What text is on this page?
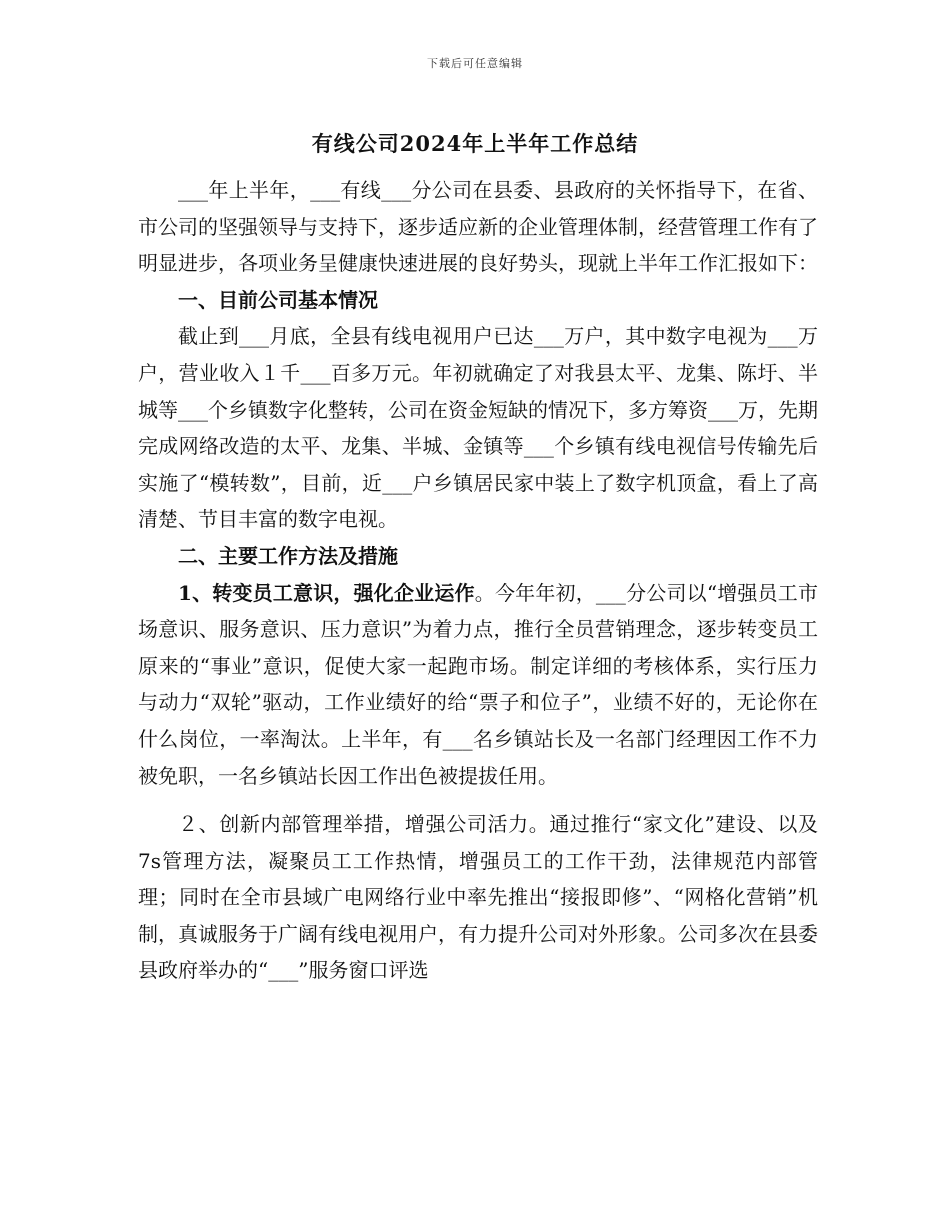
下载后可任意编辑
有线公司2024年上半年工作总结

___年上半年，___有线___分公司在县委、县政府的关怀指导下，在省、市公司的坚强领导与支持下，逐步适应新的企业管理体制，经营管理工作有了明显进步，各项业务呈健康快速进展的良好势头，现就上半年工作汇报如下：

一、目前公司基本情况

截止到___月底，全县有线电视用户已达___万户，其中数字电视为___万户，营业收入１千___百多万元。年初就确定了对我县太平、龙集、陈圩、半城等___个乡镇数字化整转，公司在资金短缺的情况下，多方筹资___万，先期完成网络改造的太平、龙集、半城、金镇等___个乡镇有线电视信号传输先后实施了“模转数”，目前，近___户乡镇居民家中装上了数字机顶盒，看上了高清楚、节目丰富的数字电视。

二、主要工作方法及措施

1、转变员工意识，强化企业运作。今年年初，___分公司以“增强员工市场意识、服务意识、压力意识”为着力点，推行全员营销理念，逐步转变员工原来的“事业”意识，促使大家一起跑市场。制定详细的考核体系，实行压力与动力“双轮”驱动，工作业绩好的给“票子和位子”，业绩不好的，无论你在什么岗位，一率淘汰。上半年，有___名乡镇站长及一名部门经理因工作不力被免职，一名乡镇站长因工作出色被提拔任用。

２、创新内部管理举措，增强公司活力。通过推行“家文化”建设、以及7s管理方法，凝聚员工工作热情，增强员工的工作干劲，法律规范内部管理；同时在全市县域广电网络行业中率先推出“接报即修”、“网格化营销”机制，真诚服务于广阔有线电视用户，有力提升公司对外形象。公司多次在县委县政府举办的“___”服务窗口评选
